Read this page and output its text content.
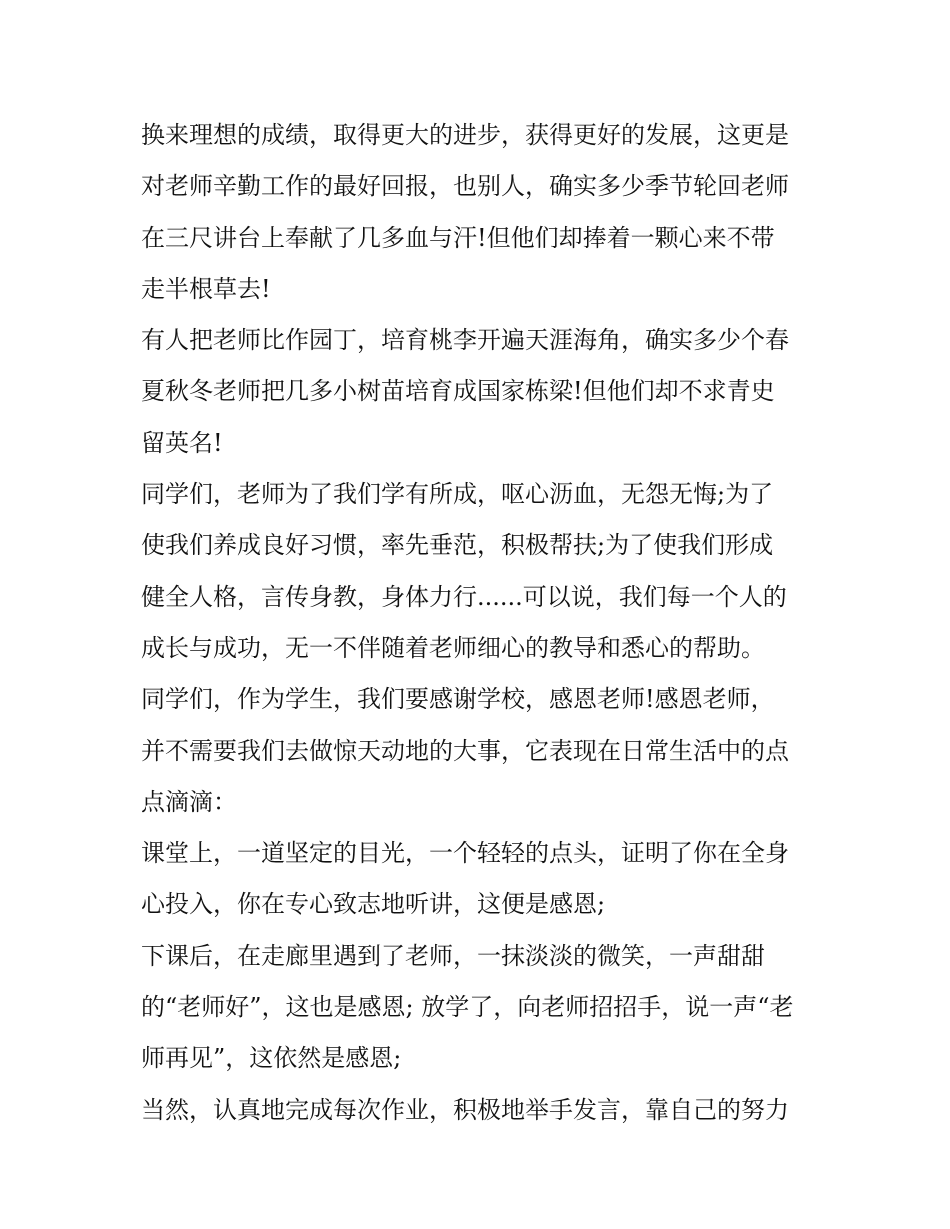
换来理想的成绩，取得更大的进步，获得更好的发展，这更是
对老师辛勤工作的最好回报，也别人，确实多少季节轮回老师
在三尺讲台上奉献了几多血与汗!但他们却捧着一颗心来不带
走半根草去!
有人把老师比作园丁，培育桃李开遍天涯海角，确实多少个春
夏秋冬老师把几多小树苗培育成国家栋梁!但他们却不求青史
留英名!
同学们，老师为了我们学有所成，呕心沥血，无怨无悔;为了
使我们养成良好习惯，率先垂范，积极帮扶;为了使我们形成
健全人格，言传身教，身体力行......可以说，我们每一个人的
成长与成功，无一不伴随着老师细心的教导和悉心的帮助。
同学们，作为学生，我们要感谢学校，感恩老师!感恩老师，
并不需要我们去做惊天动地的大事，它表现在日常生活中的点
点滴滴：
课堂上，一道坚定的目光，一个轻轻的点头，证明了你在全身
心投入，你在专心致志地听讲，这便是感恩;
下课后，在走廊里遇到了老师，一抹淡淡的微笑，一声甜甜
的“老师好”，这也是感恩; 放学了，向老师招招手，说一声“老
师再见”，这依然是感恩;
当然，认真地完成每次作业，积极地举手发言，靠自己的努力
